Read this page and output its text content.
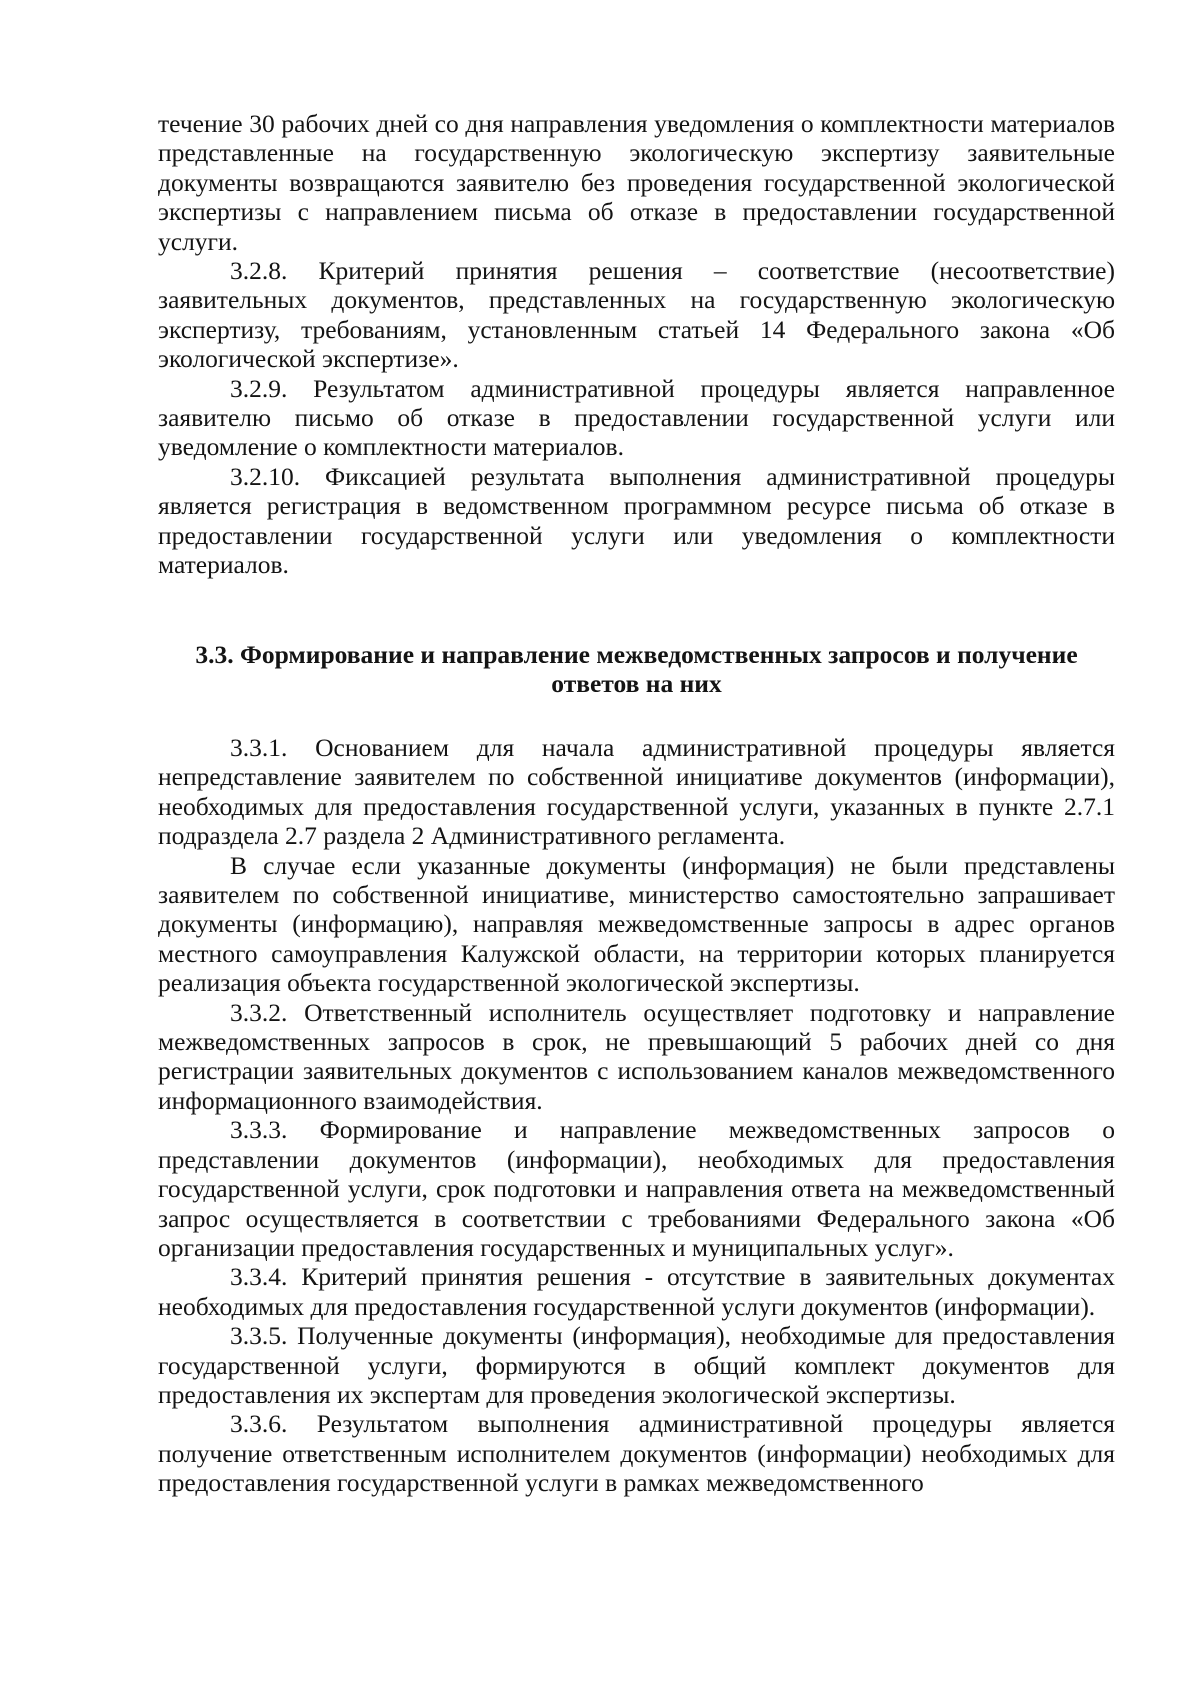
течение 30 рабочих дней со дня направления уведомления о комплектности материалов представленные на государственную экологическую экспертизу заявительные документы возвращаются заявителю без проведения государственной экологической экспертизы с направлением письма об отказе в предоставлении государственной услуги.

3.2.8. Критерий принятия решения – соответствие (несоответствие) заявительных документов, представленных на государственную экологическую экспертизу, требованиям, установленным статьей 14 Федерального закона «Об экологической экспертизе».

3.2.9. Результатом административной процедуры является направленное заявителю письмо об отказе в предоставлении государственной услуги или уведомление о комплектности материалов.

3.2.10. Фиксацией результата выполнения административной процедуры является регистрация в ведомственном программном ресурсе письма об отказе в предоставлении государственной услуги или уведомления о комплектности материалов.

3.3. Формирование и направление межведомственных запросов и получение
ответов на них

3.3.1. Основанием для начала административной процедуры является непредставление заявителем по собственной инициативе документов (информации), необходимых для предоставления государственной услуги, указанных в пункте 2.7.1 подраздела 2.7 раздела 2 Административного регламента.

В случае если указанные документы (информация) не были представлены заявителем по собственной инициативе, министерство самостоятельно запрашивает документы (информацию), направляя межведомственные запросы в адрес органов местного самоуправления Калужской области, на территории которых планируется реализация объекта государственной экологической экспертизы.

3.3.2. Ответственный исполнитель осуществляет подготовку и направление межведомственных запросов в срок, не превышающий 5 рабочих дней со дня регистрации заявительных документов с использованием каналов межведомственного информационного взаимодействия.

3.3.3. Формирование и направление межведомственных запросов о представлении документов (информации), необходимых для предоставления государственной услуги, срок подготовки и направления ответа на межведомственный запрос осуществляется в соответствии с требованиями Федерального закона «Об организации предоставления государственных и муниципальных услуг».

3.3.4. Критерий принятия решения - отсутствие в заявительных документах необходимых для предоставления государственной услуги документов (информации).

3.3.5. Полученные документы (информация), необходимые для предоставления государственной услуги, формируются в общий комплект документов для предоставления их экспертам для проведения экологической экспертизы.

3.3.6. Результатом выполнения административной процедуры является получение ответственным исполнителем документов (информации) необходимых для предоставления государственной услуги в рамках межведомственного
